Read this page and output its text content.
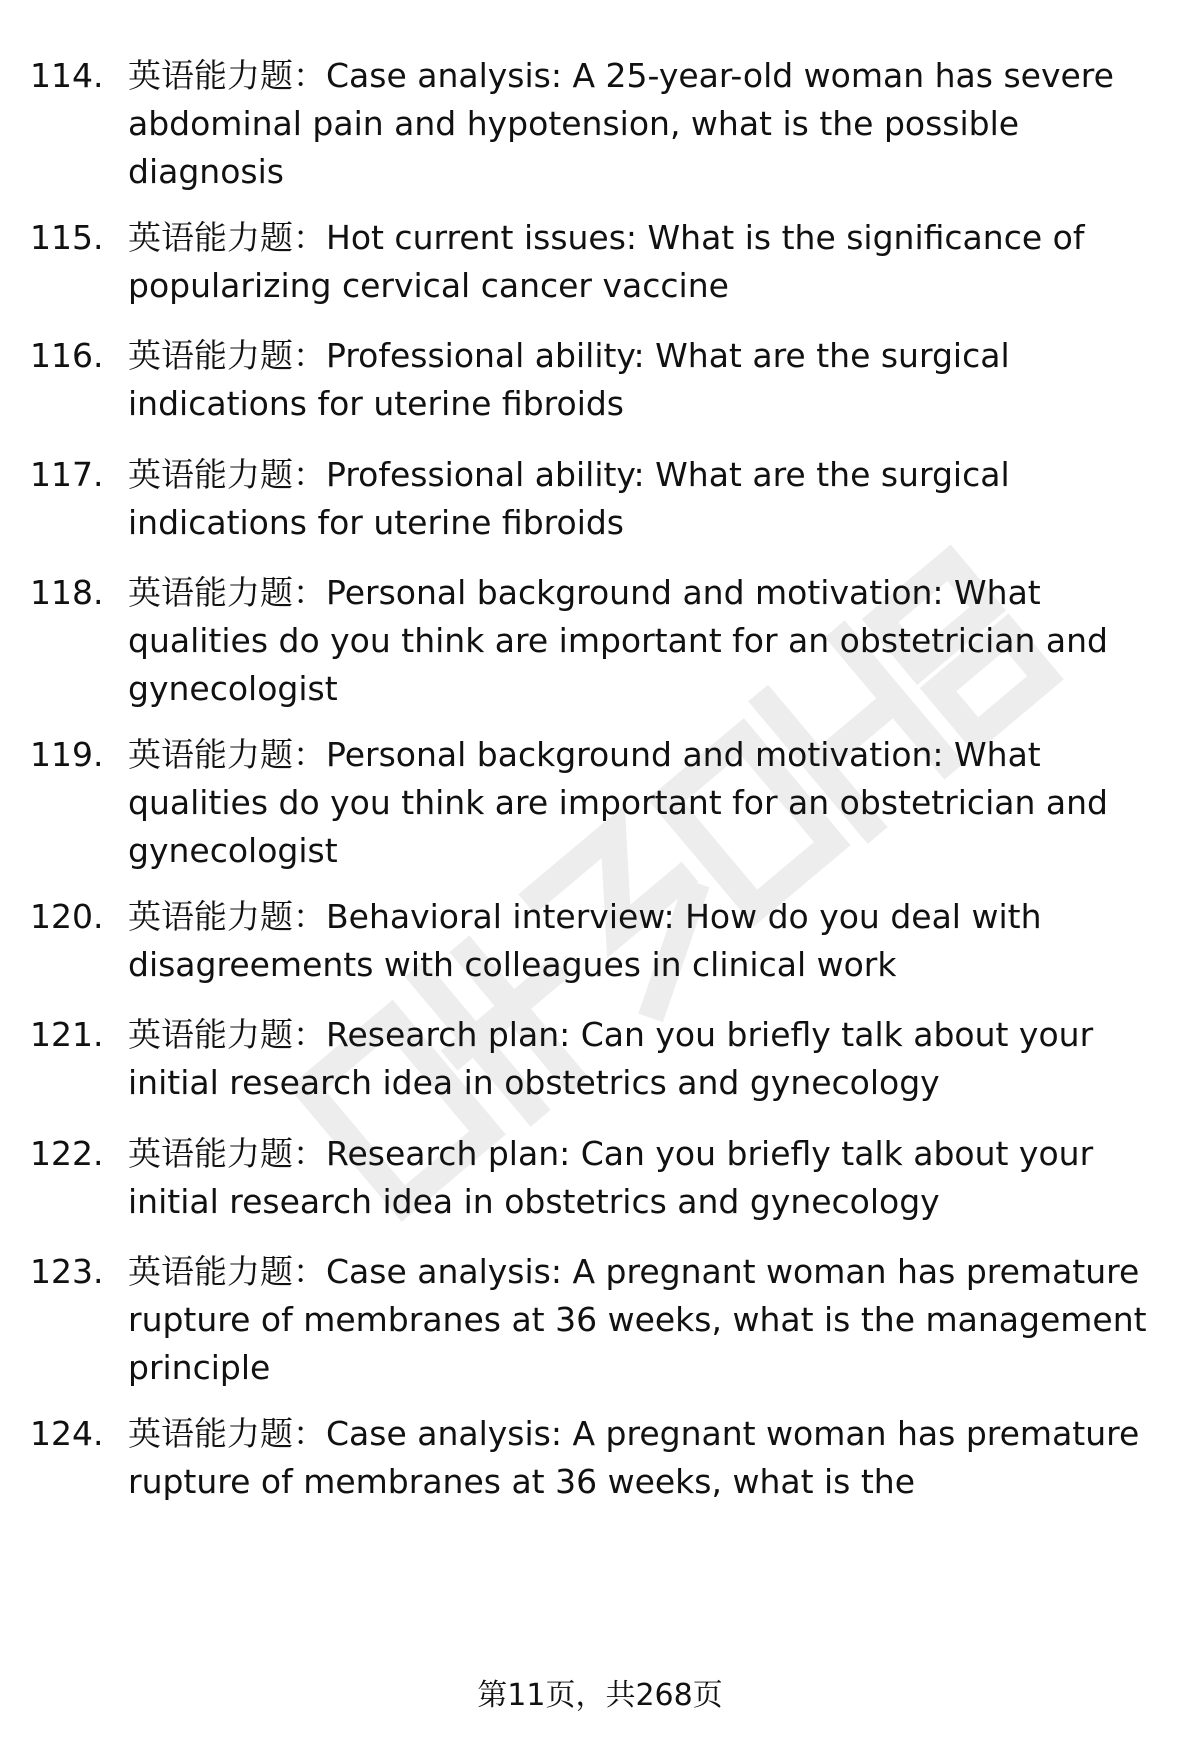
114. 英语能力题：Case analysis: A 25-year-old woman has severe abdominal pain and hypotension, what is the possible diagnosis
115. 英语能力题：Hot current issues: What is the significance of popularizing cervical cancer vaccine
116. 英语能力题：Professional ability: What are the surgical indications for uterine fibroids
117. 英语能力题：Professional ability: What are the surgical indications for uterine fibroids
118. 英语能力题：Personal background and motivation: What qualities do you think are important for an obstetrician and gynecologist
119. 英语能力题：Personal background and motivation: What qualities do you think are important for an obstetrician and gynecologist
120. 英语能力题：Behavioral interview: How do you deal with disagreements with colleagues in clinical work
121. 英语能力题：Research plan: Can you briefly talk about your initial research idea in obstetrics and gynecology
122. 英语能力题：Research plan: Can you briefly talk about your initial research idea in obstetrics and gynecology
123. 英语能力题：Case analysis: A pregnant woman has premature rupture of membranes at 36 weeks, what is the management principle
124. 英语能力题：Case analysis: A pregnant woman has premature rupture of membranes at 36 weeks, what is the
第11页，共268页
